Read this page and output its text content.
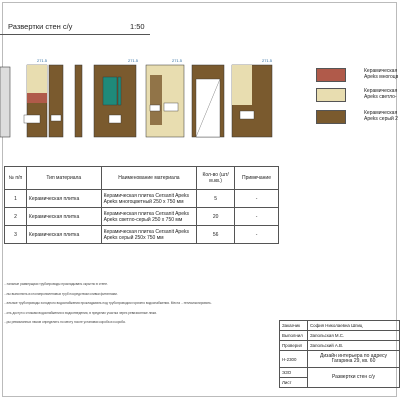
Развертки стен с/у	1:50
271.5	271.5	271.5	271.5
Керамическая
Apeks многоцв
Керамическая
Apeks светло-
Керамическая
Apeks серый 2
№ п/п	Тип материала	Наименование материала	Кол-во (шт/м.кв.)	Примечание
1	Керамическая плитка	Керамическая плитка Cersanit Apeks Apeks многоцветный 250 х 750 мм	5	-
2	Керамическая плитка	Керамическая плитка Cersanit Apeks Apeks светло-серый 250 х 750 мм	20	-
3	Керамическая плитка	Керамическая плитка Cersanit Apeks Apeks серый 250х 750 мм	56	-
...тальные размерщики трубопроводы прокладывать скрытно в стене.
...ны выполнить из полипропиленовых труб посредством сливки фитингами.
...ельные трубопроводы холодного водоснабжения прокладывать под трубопроводом горячего водоснабжения. Места ...теплоизолировать.
...ить доступ к стоякам водоснабжения и водоотведения, в пределах участка через ревизионные люки.
...ры ревизионных люков определить по месту после установки короба из короба.
Заказчик	София Николаевна Шпиц
Выполнил	Запольская М.С.
Проверил	Запольский А.В.
Н-2300	Дизайн интерьера по адресу Гагарина 29, кв. 60
ЭЗО	Развертки стен с/у
Лист	
